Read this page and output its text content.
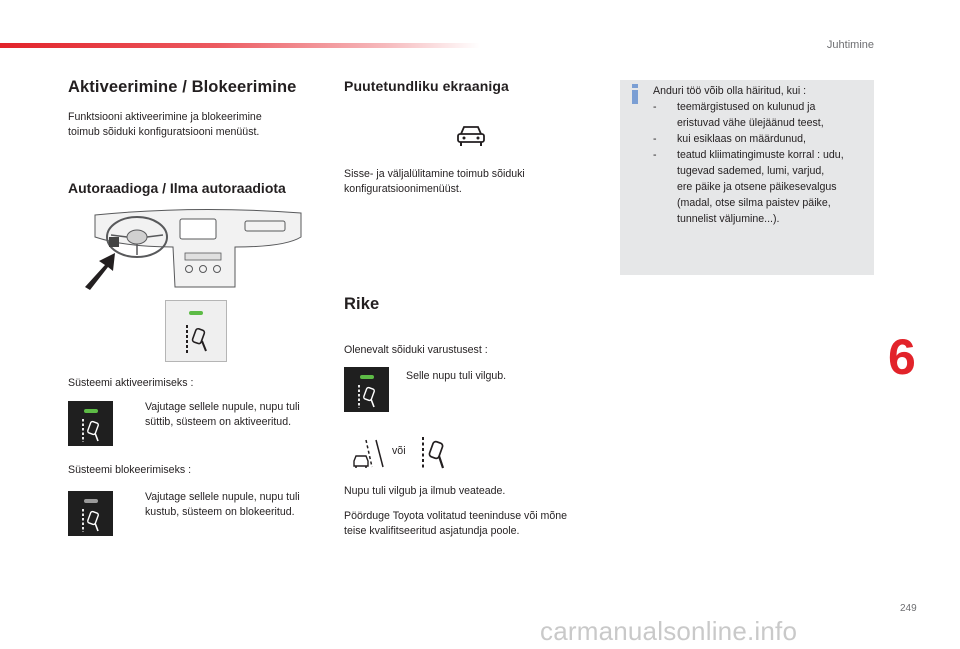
Juhtimine
6
Aktiveerimine / Blokeerimine
Funktsiooni aktiveerimine ja blokeerimine
toimub sõiduki konfiguratsiooni menüüst.
Autoraadioga / Ilma autoraadiota
Süsteemi aktiveerimiseks :
Vajutage sellele nupule, nupu tuli
süttib, süsteem on aktiveeritud.
Süsteemi blokeerimiseks :
Vajutage sellele nupule, nupu tuli
kustub, süsteem on blokeeritud.
Puutetundliku ekraaniga
Sisse- ja väljalülitamine toimub sõiduki
konfiguratsioonimenüüst.
Rike
Olenevalt sõiduki varustusest :
Selle nupu tuli vilgub.
või
Nupu tuli vilgub ja ilmub veateade.
Pöörduge Toyota volitatud teeninduse või mõne
teise kvalifitseeritud asjatundja poole.
Anduri töö võib olla häiritud, kui :
- teemärgistused on kulunud ja
eristuvad vähe ülejäänud teest,
- kui esiklaas on määrdunud,
- teatud kliimatingimuste korral : udu,
tugevad sademed, lumi, varjud,
ere päike ja otsene päikesevalgus
(madal, otse silma paistev päike,
tunnelist väljumine...).
249
carmanualsonline.info
